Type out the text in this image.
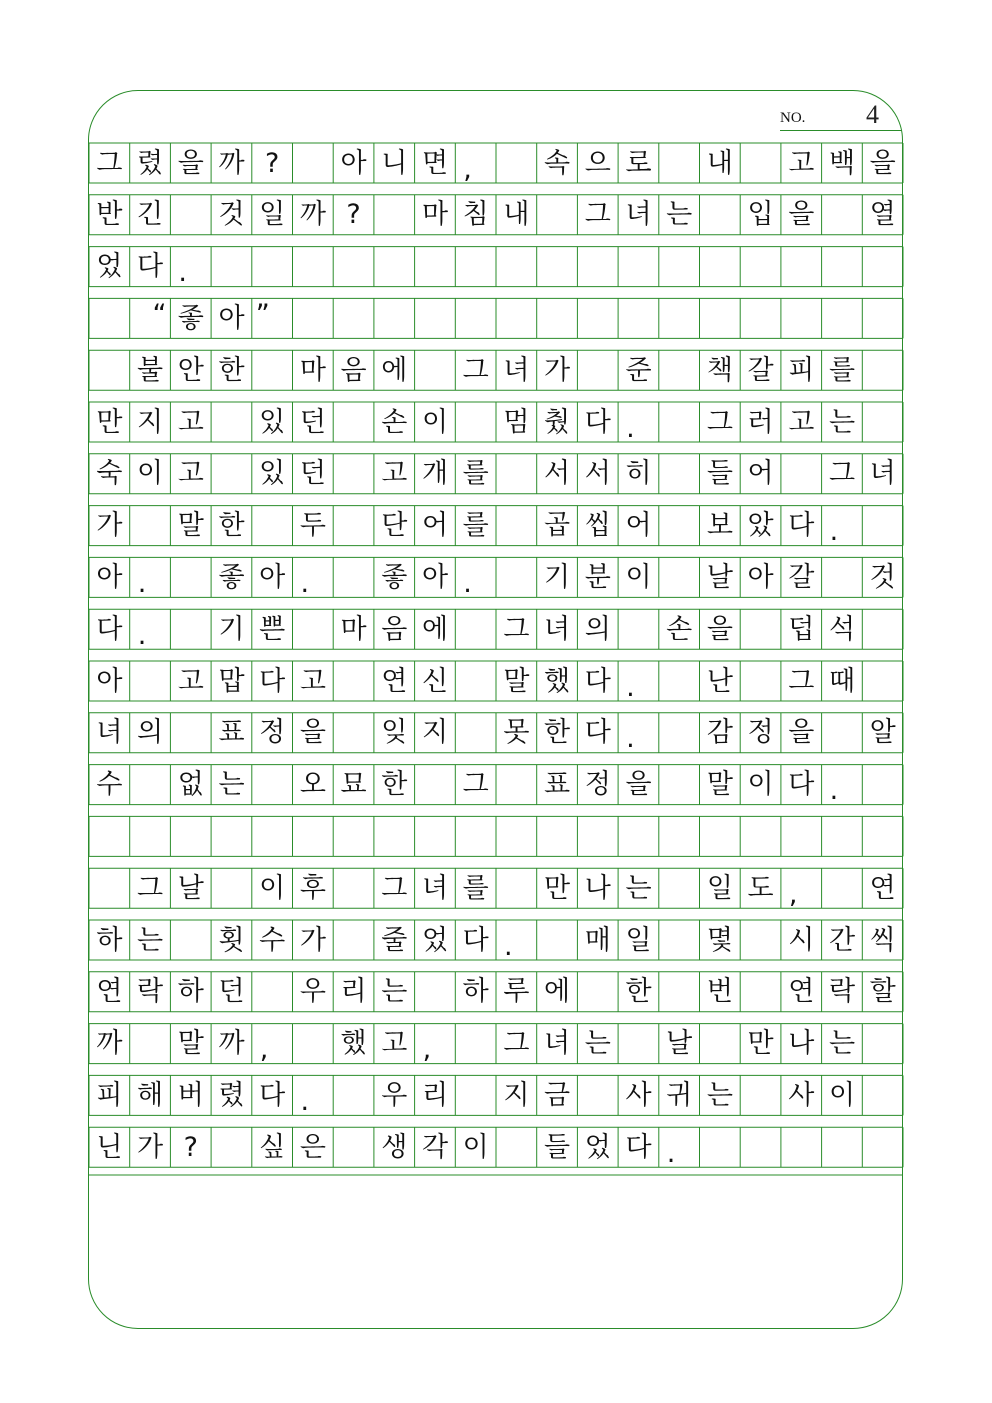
NO. 4
그 렸 을 까 ?	아 니 면 ,	속 으 로 내 고 백 을
반 긴 것 일 까 ?	마 침 내 그 녀 는 입 을 열
었 다 .
“ 좋 아 ”
불 안 한 마 음 에 그 녀 가 준 책 갈 피 를
만 지 고 있 던 손 이 멈 췄 다 .	그 러 고 는
숙 이 고 있 던 고 개 를 서 서 히 들 어 그 녀
가 말 한 두 단 어 를 곱 씹 어 보 았 다 .
아 .	좋 아 .	좋 아 .	기 분 이 날 아 갈 것
다 .	기 쁜 마 음 에 그 녀 의 손 을 덥 석
아 고 맙 다 고 연 신 말 했 다 .	난 그 때
녀 의 표 정 을 잊 지 못 한 다 .	감 정 을 알
수 없 는 오 묘 한 그 표 정 을 말 이 다 .
그 날 이 후 그 녀 를 만 나 는 일 도 ,	연
하 는 횟 수 가 줄 었 다 .	매 일 몇 시 간 씩
연 락 하 던 우 리 는 하 루 에 한 번 연 락 할
까 말 까 ,	했 고 ,	그 녀 는 날 만 나 는
피 해 버 렸 다 .	우 리 지 금 사 귀 는 사 이
닌 가 ?	싶 은 생 각 이 들 었 다 .
